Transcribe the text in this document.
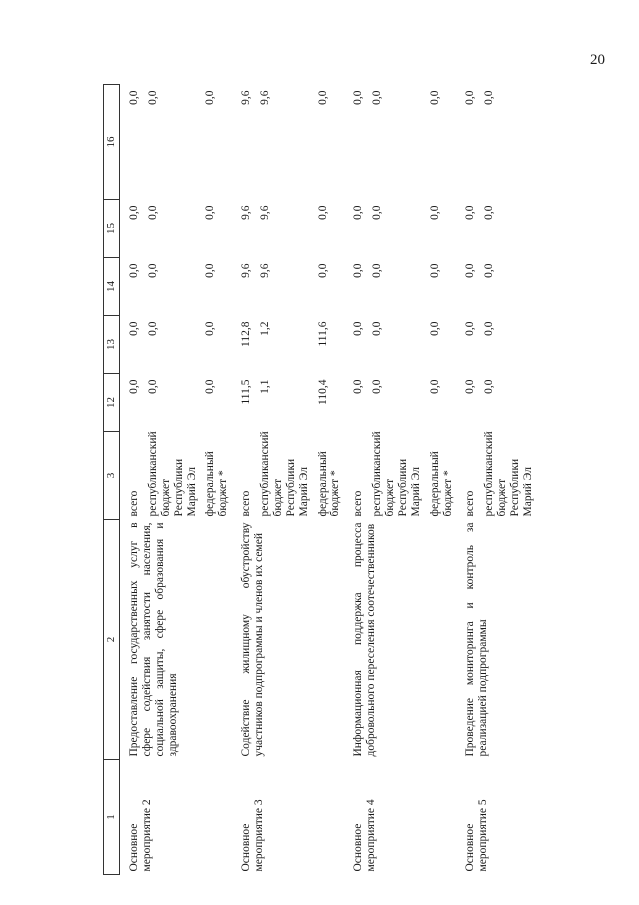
20
1	2	3	12	13	14	15	16
Основное мероприятие 2	Предоставление государственных услуг в сфере содействия занятости населения, социальной защиты, сфере образования и здравоохранения	всего	0,0	0,0	0,0	0,0	0,0
		республиканский бюджет Республики Марий Эл	0,0	0,0	0,0	0,0	0,0
		федеральный бюджет *	0,0	0,0	0,0	0,0	0,0
Основное мероприятие 3	Содействие жилищному обустройству участников подпрограммы и членов их семей	всего	111,5	112,8	9,6	9,6	9,6
		республиканский бюджет Республики Марий Эл	1,1	1,2	9,6	9,6	9,6
		федеральный бюджет *	110,4	111,6	0,0	0,0	0,0
Основное мероприятие 4	Информационная поддержка процесса добровольного переселения соотечественников	всего	0,0	0,0	0,0	0,0	0,0
		республиканский бюджет Республики Марий Эл	0,0	0,0	0,0	0,0	0,0
		федеральный бюджет *	0,0	0,0	0,0	0,0	0,0
Основное мероприятие 5	Проведение мониторинга и контроль за реализацией подпрограммы	всего	0,0	0,0	0,0	0,0	0,0
		республиканский бюджет Республики Марий Эл	0,0	0,0	0,0	0,0	0,0
